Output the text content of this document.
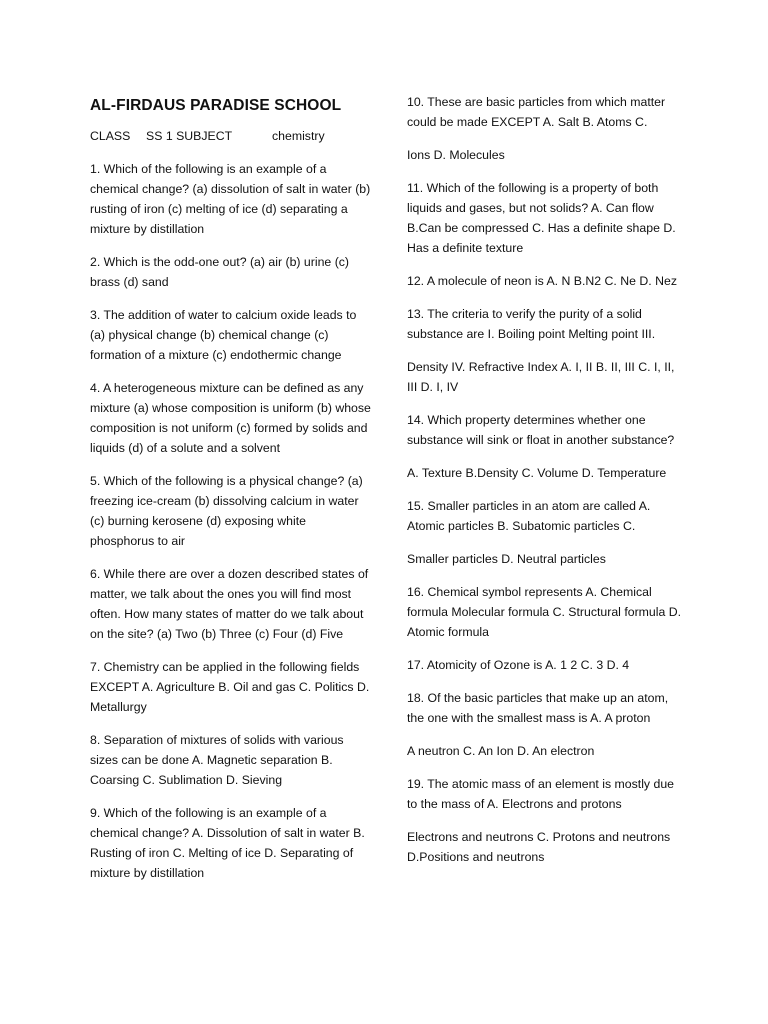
AL-FIRDAUS PARADISE SCHOOL
CLASS	SS 1 SUBJECT	chemistry
1. Which of the following is an example of a chemical change? (a) dissolution of salt in water (b) rusting of iron (c) melting of ice (d) separating a mixture by distillation
2. Which is the odd-one out? (a) air (b) urine (c) brass (d) sand
3. The addition of water to calcium oxide leads to (a) physical change (b) chemical change (c) formation of a mixture (c) endothermic change
4. A heterogeneous mixture can be defined as any mixture (a) whose composition is uniform (b) whose composition is not uniform (c) formed by solids and liquids (d) of a solute and a solvent
5. Which of the following is a physical change? (a) freezing ice-cream (b) dissolving calcium in water (c) burning kerosene (d) exposing white phosphorus to air
6. While there are over a dozen described states of matter, we talk about the ones you will find most often. How many states of matter do we talk about on the site? (a) Two (b) Three (c) Four (d) Five
7. Chemistry can be applied in the following fields EXCEPT A. Agriculture B. Oil and gas C. Politics D. Metallurgy
8. Separation of mixtures of solids with various sizes can be done A. Magnetic separation B. Coarsing C. Sublimation D. Sieving
9. Which of the following is an example of a chemical change? A. Dissolution of salt in water B. Rusting of iron C. Melting of ice D. Separating of mixture by distillation
10. These are basic particles from which matter could be made EXCEPT A. Salt B. Atoms C.
Ions D. Molecules
11. Which of the following is a property of both liquids and gases, but not solids? A. Can flow B.Can be compressed C. Has a definite shape D. Has a definite texture
12. A molecule of neon is A. N B.N2 C. Ne D. Nez
13. The criteria to verify the purity of a solid substance are I. Boiling point Melting point III.
Density IV. Refractive Index A. I, II B. II, III C. I, II, III D. I, IV
14. Which property determines whether one substance will sink or float in another substance?
A. Texture B.Density C. Volume D. Temperature
15. Smaller particles in an atom are called A. Atomic particles B. Subatomic particles C.
Smaller particles D. Neutral particles
16. Chemical symbol represents A. Chemical formula Molecular formula C. Structural formula D. Atomic formula
17. Atomicity of Ozone is A. 1 2 C. 3 D. 4
18. Of the basic particles that make up an atom, the one with the smallest mass is A. A proton
A neutron C. An Ion D. An electron
19. The atomic mass of an element is mostly due to the mass of A. Electrons and protons
Electrons and neutrons C. Protons and neutrons D.Positions and neutrons
